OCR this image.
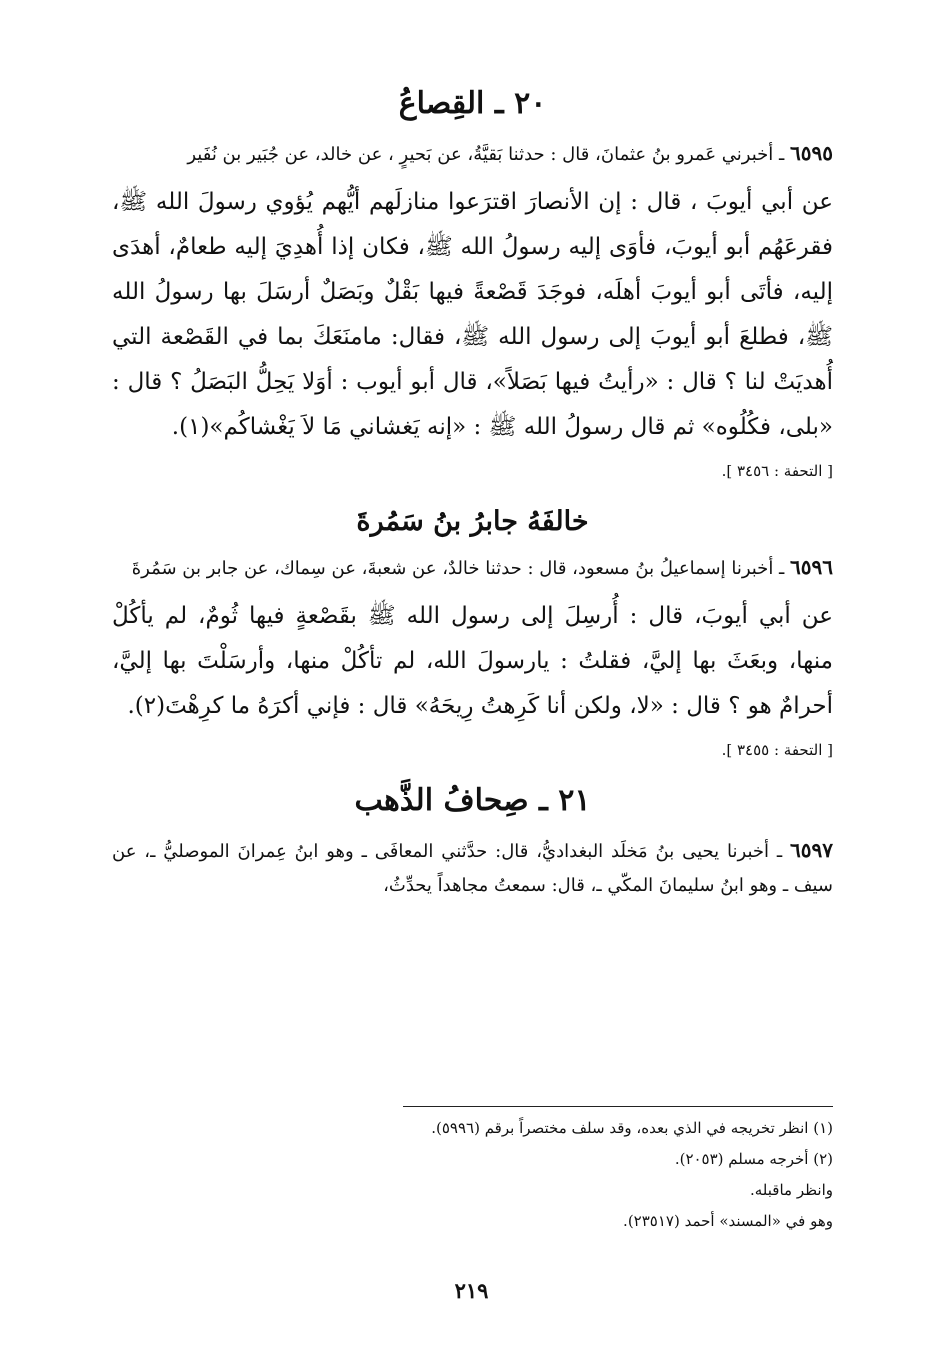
٢٠ ـ القِصاعُ

٦٥٩٥ ـ أخبرني عَمرو بنُ عثمانَ، قال : حدثنا بَقيَّةُ، عن بَحيرٍ ، عن خالد، عن جُبَير بن نُفَير

عن أبي أيوبَ ، قال : إن الأنصارَ اقترَعوا منازلَهم أيُّهم يُؤوي رسولَ الله ﷺ، فقرعَهُم أبو أيوبَ، فأوَى إليه رسولُ الله ﷺ، فكان إذا أُهدِيَ إليه طعامٌ، أهدَى إليه، فأتَى أبو أيوبَ أهلَه، فوجَدَ قَصْعةً فيها بَقْلٌ وبَصَلٌ أرسَلَ بها رسولُ الله ﷺ، فطلعَ أبو أيوبَ إلى رسول الله ﷺ، فقال: مامنَعَكَ بما في القَصْعة التي أُهديَتْ لنا ؟ قال : «رأيتُ فيها بَصَلاً»، قال أبو أيوب : أوَلا يَحِلُّ البَصَلُ ؟ قال : «بلى، فكُلُوه» ثم قال رسولُ الله ﷺ : «إنه يَغشاني مَا لاَ يَغْشاكُم»(١).

[ التحفة : ٣٤٥٦ ].

خالفَهُ جابرُ بنُ سَمُرةَ

٦٥٩٦ ـ أخبرنا إسماعيلُ بنُ مسعود، قال : حدثنا خالدٌ، عن شعبةَ، عن سِماك، عن جابر بن سَمُرةَ

عن أبي أيوبَ، قال : أُرسِلَ إلى رسول الله ﷺ بقَصْعةٍ فيها ثُومٌ، لم يأكُلْ منها، وبعَثَ بها إليَّ، فقلتُ : يارسولَ الله، لم تأكُلْ منها، وأرسَلْتَ بها إليَّ، أحرامٌ هو ؟ قال : «لا، ولكن أنا كَرِهتُ رِيحَهُ» قال : فإني أكرَهُ ما كرِهْتَ(٢).

[ التحفة : ٣٤٥٥ ].

٢١ ـ صِحافُ الذَّهب

٦٥٩٧ ـ أخبرنا يحيى بنُ مَخلَد البغداديُّ، قال: حدَّثني المعافَى ـ وهو ابنُ عِمرانَ الموصليُّ ـ، عن سيف ـ وهو ابنُ سليمانَ المكّي ـ، قال: سمعتُ مجاهداً يحدِّثُ،

(١) انظر تخريجه في الذي بعده، وقد سلف مختصراً برقم (٥٩٩٦).

(٢) أخرجه مسلم (٢٠٥٣).

وانظر ماقبله.

وهو في «المسند» أحمد (٢٣٥١٧).

٢١٩
